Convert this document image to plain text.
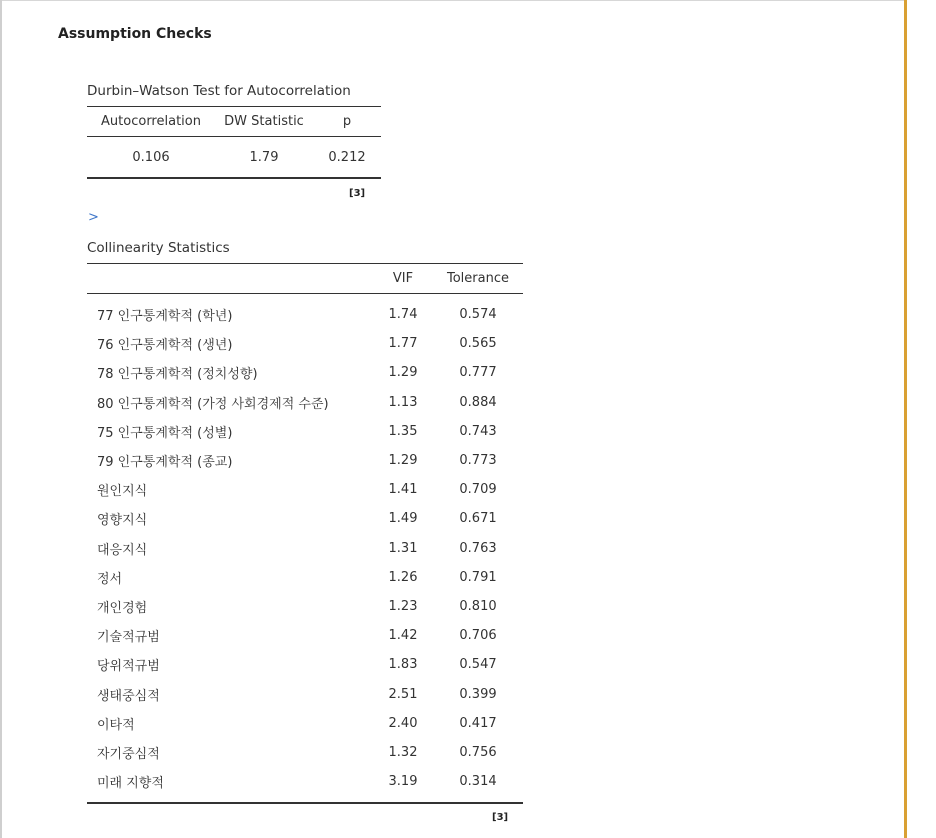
Assumption Checks
Durbin–Watson Test for Autocorrelation
Autocorrelation	DW Statistic	p
0.106	1.79	0.212
[3]
>
Collinearity Statistics
	VIF	Tolerance
77 인구통계학적 (학년)	1.74	0.574
76 인구통계학적 (생년)	1.77	0.565
78 인구통계학적 (정치성향)	1.29	0.777
80 인구통계학적 (가정 사회경제적 수준)	1.13	0.884
75 인구통계학적 (성별)	1.35	0.743
79 인구통계학적 (종교)	1.29	0.773
원인지식	1.41	0.709
영향지식	1.49	0.671
대응지식	1.31	0.763
정서	1.26	0.791
개인경험	1.23	0.810
기술적규범	1.42	0.706
당위적규범	1.83	0.547
생태중심적	2.51	0.399
이타적	2.40	0.417
자기중심적	1.32	0.756
미래 지향적	3.19	0.314
[3]
